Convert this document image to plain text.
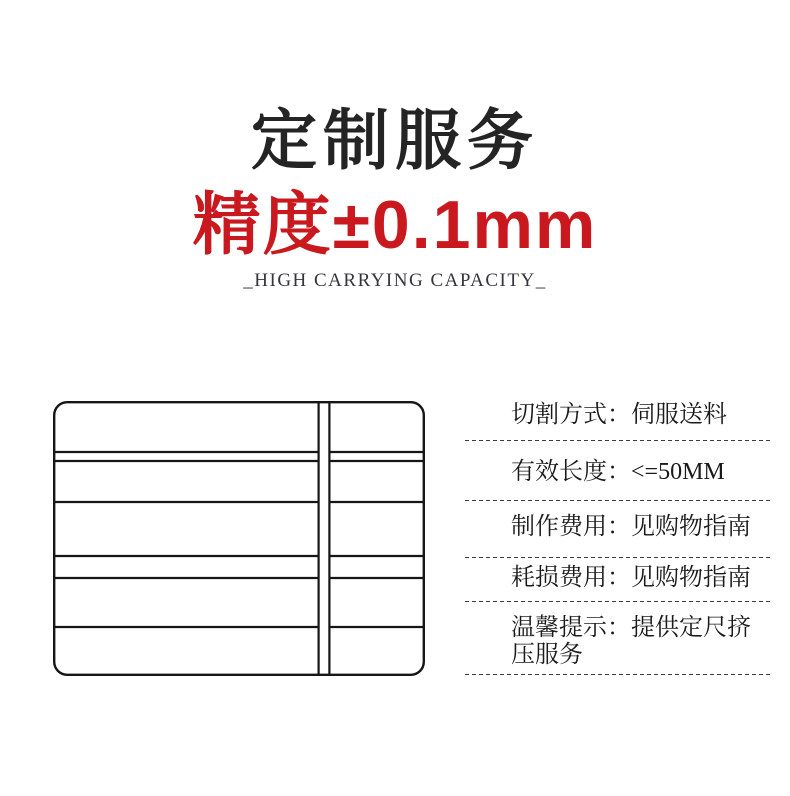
定制服务
精度±0.1mm
_HIGH CARRYING CAPACITY_
切割方式：伺服送料
有效长度：<=50MM
制作费用：见购物指南
耗损费用：见购物指南
温馨提示：提供定尺挤压服务
